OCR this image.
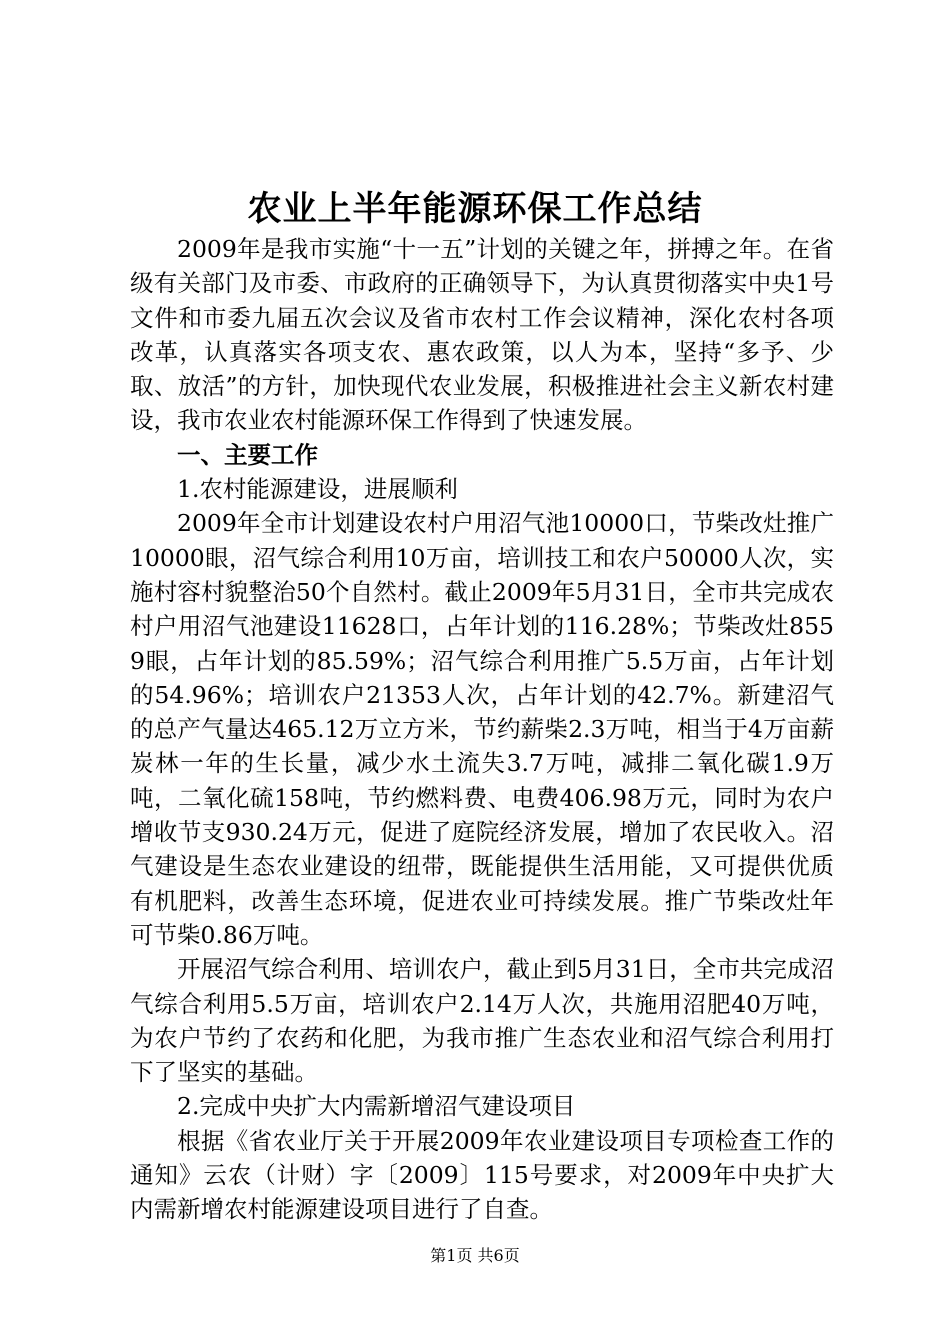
农业上半年能源环保工作总结

2009年是我市实施“十一五”计划的关键之年，拼搏之年。在省级有关部门及市委、市政府的正确领导下，为认真贯彻落实中央1号文件和市委九届五次会议及省市农村工作会议精神，深化农村各项改革，认真落实各项支农、惠农政策，以人为本，坚持“多予、少取、放活”的方针，加快现代农业发展，积极推进社会主义新农村建设，我市农业农村能源环保工作得到了快速发展。

一、主要工作

1.农村能源建设，进展顺利

2009年全市计划建设农村户用沼气池10000口，节柴改灶推广10000眼，沼气综合利用10万亩，培训技工和农户50000人次，实施村容村貌整治50个自然村。截止2009年5月31日，全市共完成农村户用沼气池建设11628口，占年计划的116.28%；节柴改灶8559眼，占年计划的85.59%；沼气综合利用推广5.5万亩，占年计划的54.96%；培训农户21353人次，占年计划的42.7%。新建沼气的总产气量达465.12万立方米，节约薪柴2.3万吨，相当于4万亩薪炭林一年的生长量，减少水土流失3.7万吨，减排二氧化碳1.9万吨，二氧化硫158吨，节约燃料费、电费406.98万元，同时为农户增收节支930.24万元，促进了庭院经济发展，增加了农民收入。沼气建设是生态农业建设的纽带，既能提供生活用能，又可提供优质有机肥料，改善生态环境，促进农业可持续发展。推广节柴改灶年可节柴0.86万吨。

开展沼气综合利用、培训农户，截止到5月31日，全市共完成沼气综合利用5.5万亩，培训农户2.14万人次，共施用沼肥40万吨，为农户节约了农药和化肥，为我市推广生态农业和沼气综合利用打下了坚实的基础。

2.完成中央扩大内需新增沼气建设项目

根据《省农业厅关于开展2009年农业建设项目专项检查工作的通知》云农（计财）字〔2009〕115号要求，对2009年中央扩大内需新增农村能源建设项目进行了自查。

第1页 共6页
